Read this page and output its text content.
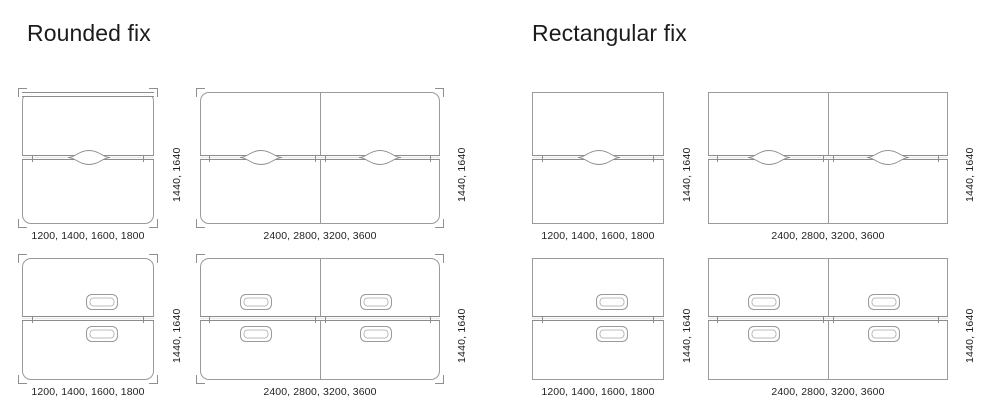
Rounded fix	Rectangular fix
1440, 1640
1200, 1400, 1600, 1800
1440, 1640
2400, 2800, 3200, 3600
1440, 1640
1200, 1400, 1600, 1800
1440, 1640
2400, 2800, 3200, 3600
1440, 1640
1200, 1400, 1600, 1800
1440, 1640
2400, 2800, 3200, 3600
1440, 1640
1200, 1400, 1600, 1800
1440, 1640
2400, 2800, 3200, 3600
